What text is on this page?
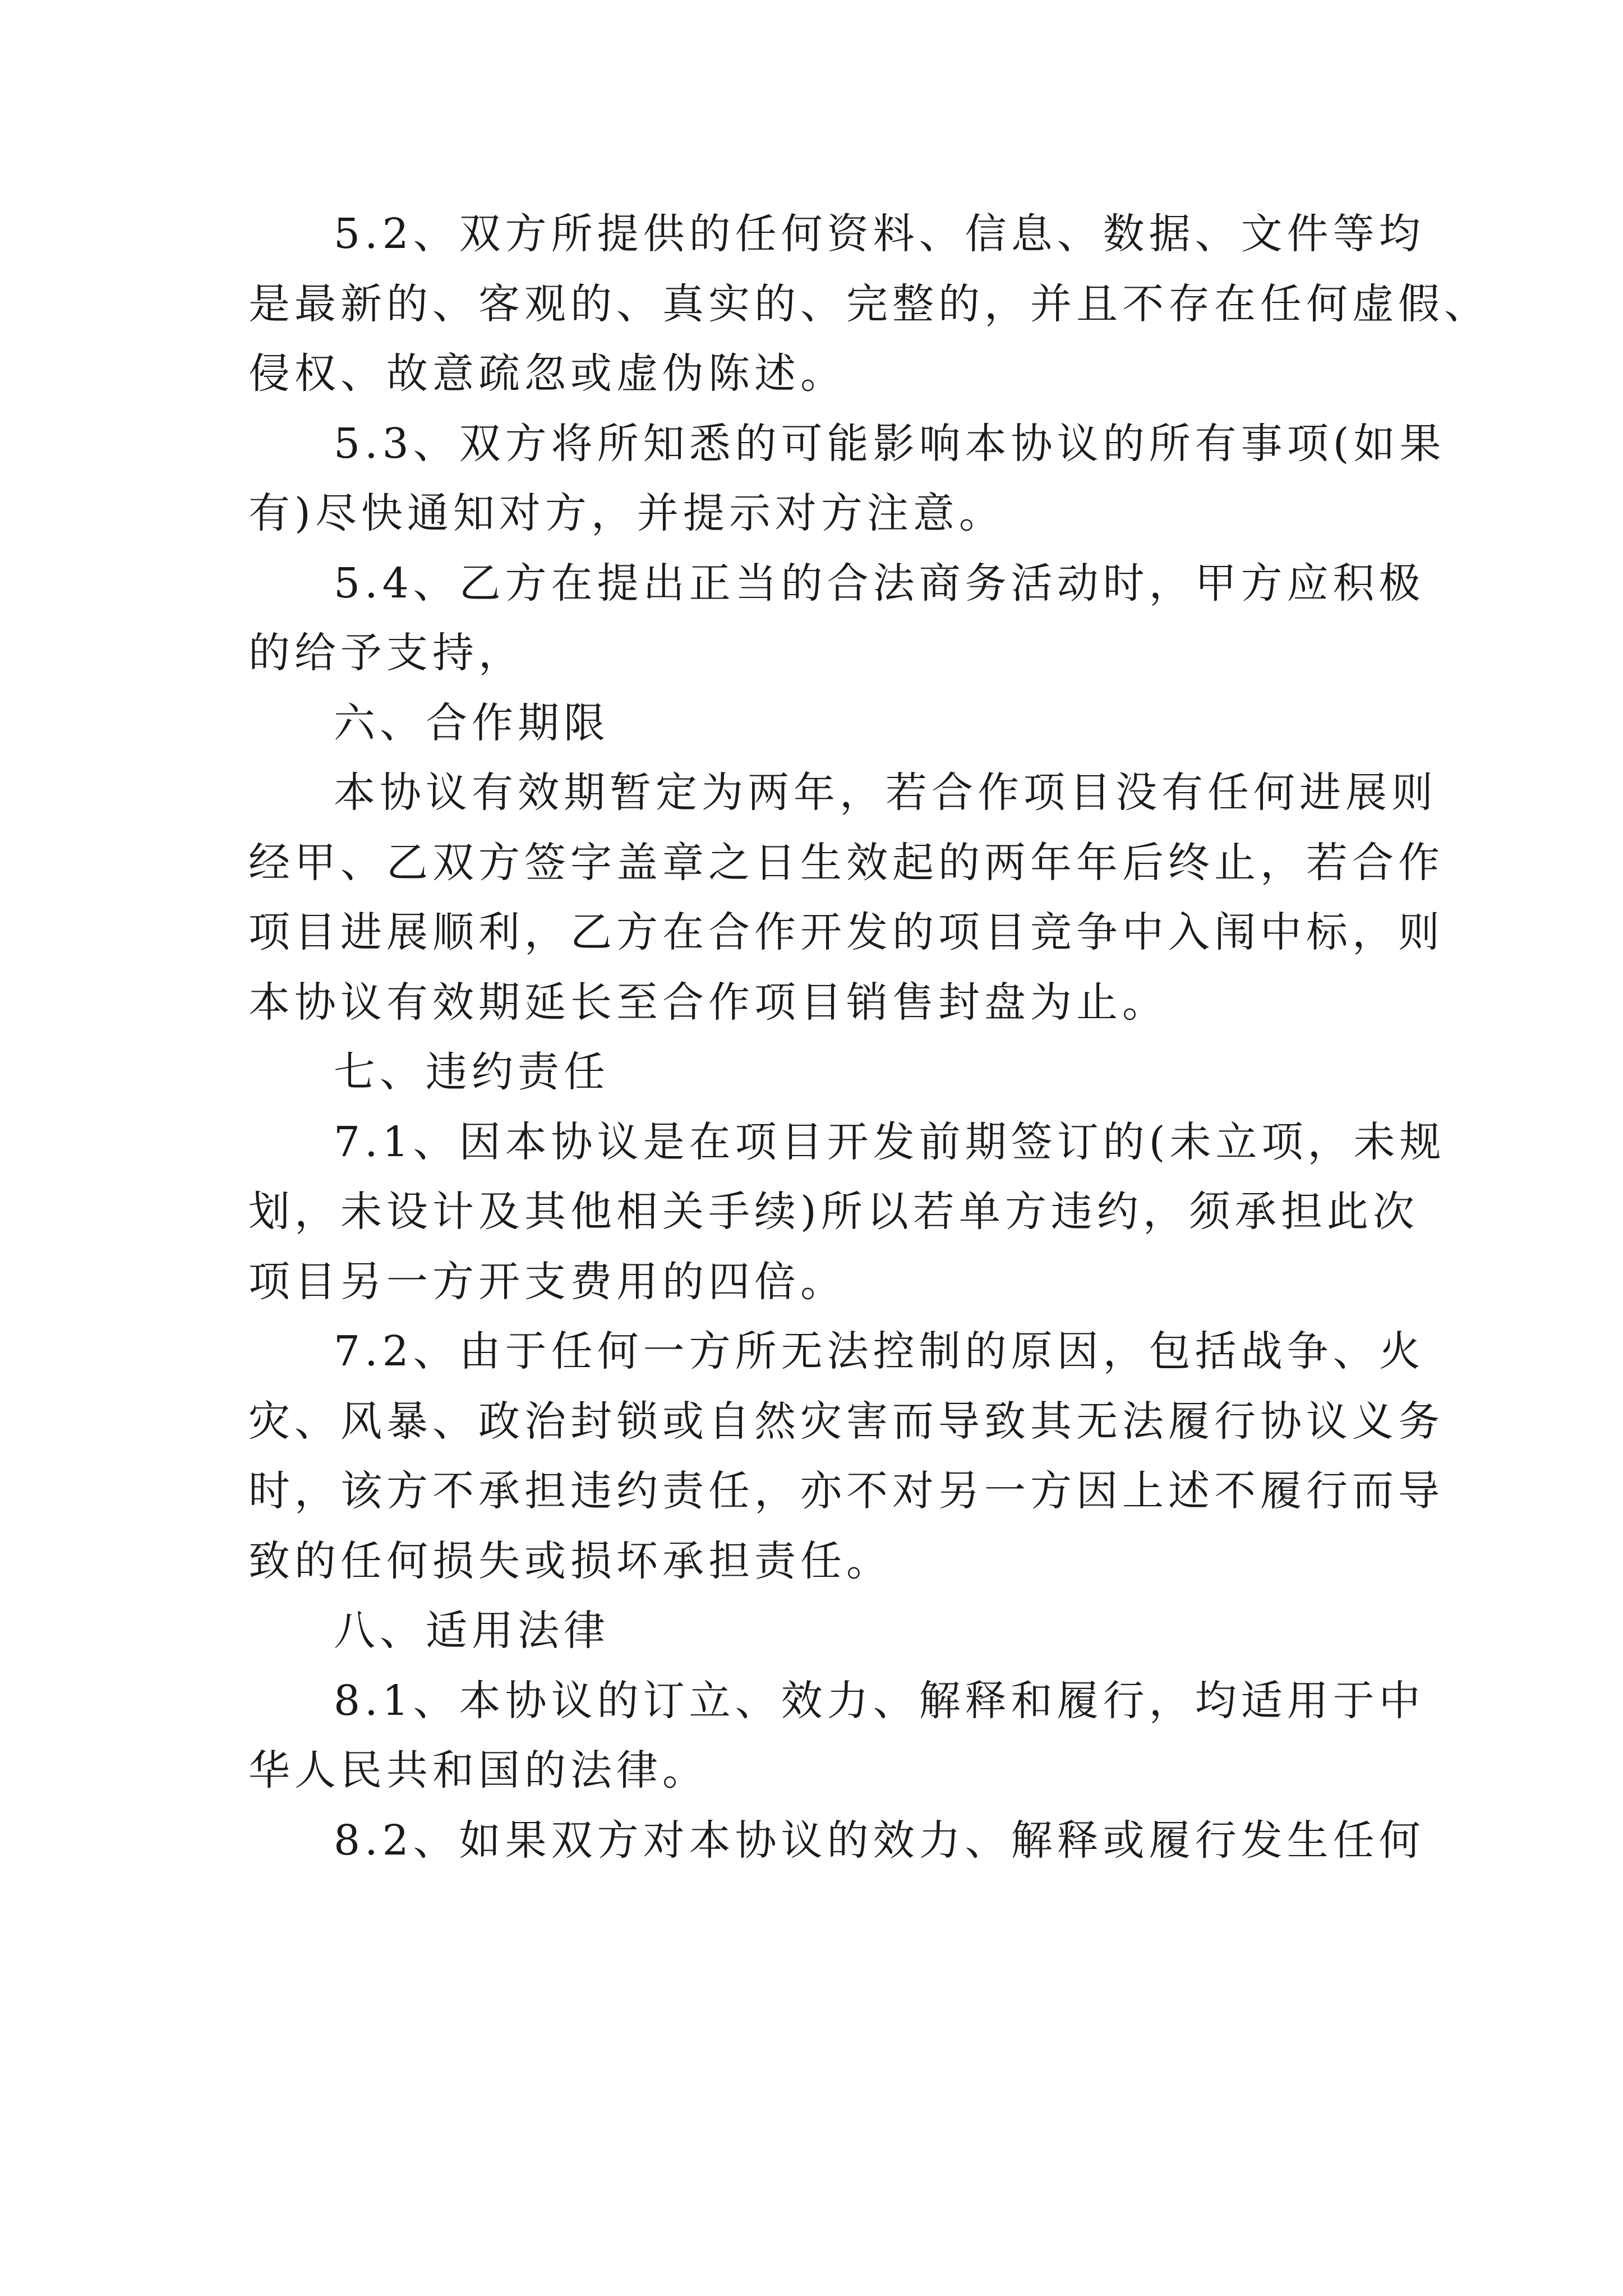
5.2、双方所提供的任何资料、信息、数据、文件等均
是最新的、客观的、真实的、完整的，并且不存在任何虚假、
侵权、故意疏忽或虚伪陈述。
5.3、双方将所知悉的可能影响本协议的所有事项(如果
有)尽快通知对方，并提示对方注意。
5.4、乙方在提出正当的合法商务活动时，甲方应积极
的给予支持，
六、合作期限
本协议有效期暂定为两年，若合作项目没有任何进展则
经甲、乙双方签字盖章之日生效起的两年年后终止，若合作
项目进展顺利，乙方在合作开发的项目竞争中入闱中标，则
本协议有效期延长至合作项目销售封盘为止。
七、违约责任
7.1、因本协议是在项目开发前期签订的(未立项，未规
划，未设计及其他相关手续)所以若单方违约，须承担此次
项目另一方开支费用的四倍。
7.2、由于任何一方所无法控制的原因，包括战争、火
灾、风暴、政治封锁或自然灾害而导致其无法履行协议义务
时，该方不承担违约责任，亦不对另一方因上述不履行而导
致的任何损失或损坏承担责任。
八、适用法律
8.1、本协议的订立、效力、解释和履行，均适用于中
华人民共和国的法律。
8.2、如果双方对本协议的效力、解释或履行发生任何
